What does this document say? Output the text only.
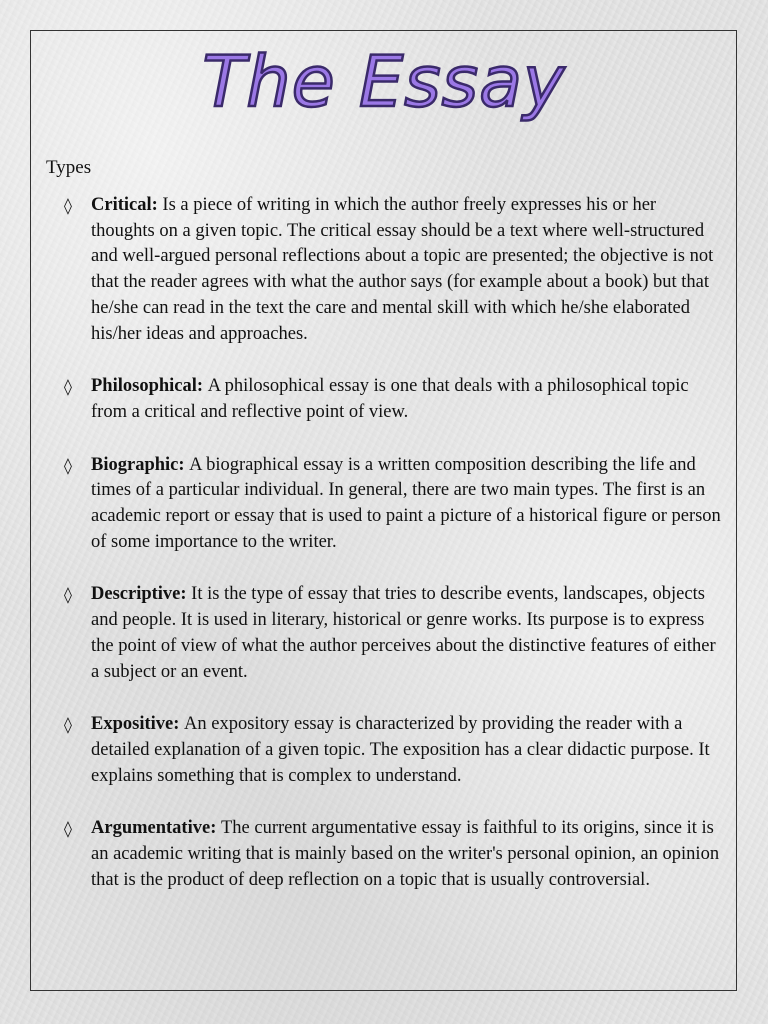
The Essay
Types
◊ Critical: Is a piece of writing in which the author freely expresses his or her thoughts on a given topic. The critical essay should be a text where well-structured and well-argued personal reflections about a topic are presented; the objective is not that the reader agrees with what the author says (for example about a book) but that he/she can read in the text the care and mental skill with which he/she elaborated his/her ideas and approaches.
◊ Philosophical: A philosophical essay is one that deals with a philosophical topic from a critical and reflective point of view.
◊ Biographic: A biographical essay is a written composition describing the life and times of a particular individual. In general, there are two main types. The first is an academic report or essay that is used to paint a picture of a historical figure or person of some importance to the writer.
◊ Descriptive: It is the type of essay that tries to describe events, landscapes, objects and people. It is used in literary, historical or genre works. Its purpose is to express the point of view of what the author perceives about the distinctive features of either a subject or an event.
◊ Expositive: An expository essay is characterized by providing the reader with a detailed explanation of a given topic. The exposition has a clear didactic purpose. It explains something that is complex to understand.
◊ Argumentative: The current argumentative essay is faithful to its origins, since it is an academic writing that is mainly based on the writer's personal opinion, an opinion that is the product of deep reflection on a topic that is usually controversial.
